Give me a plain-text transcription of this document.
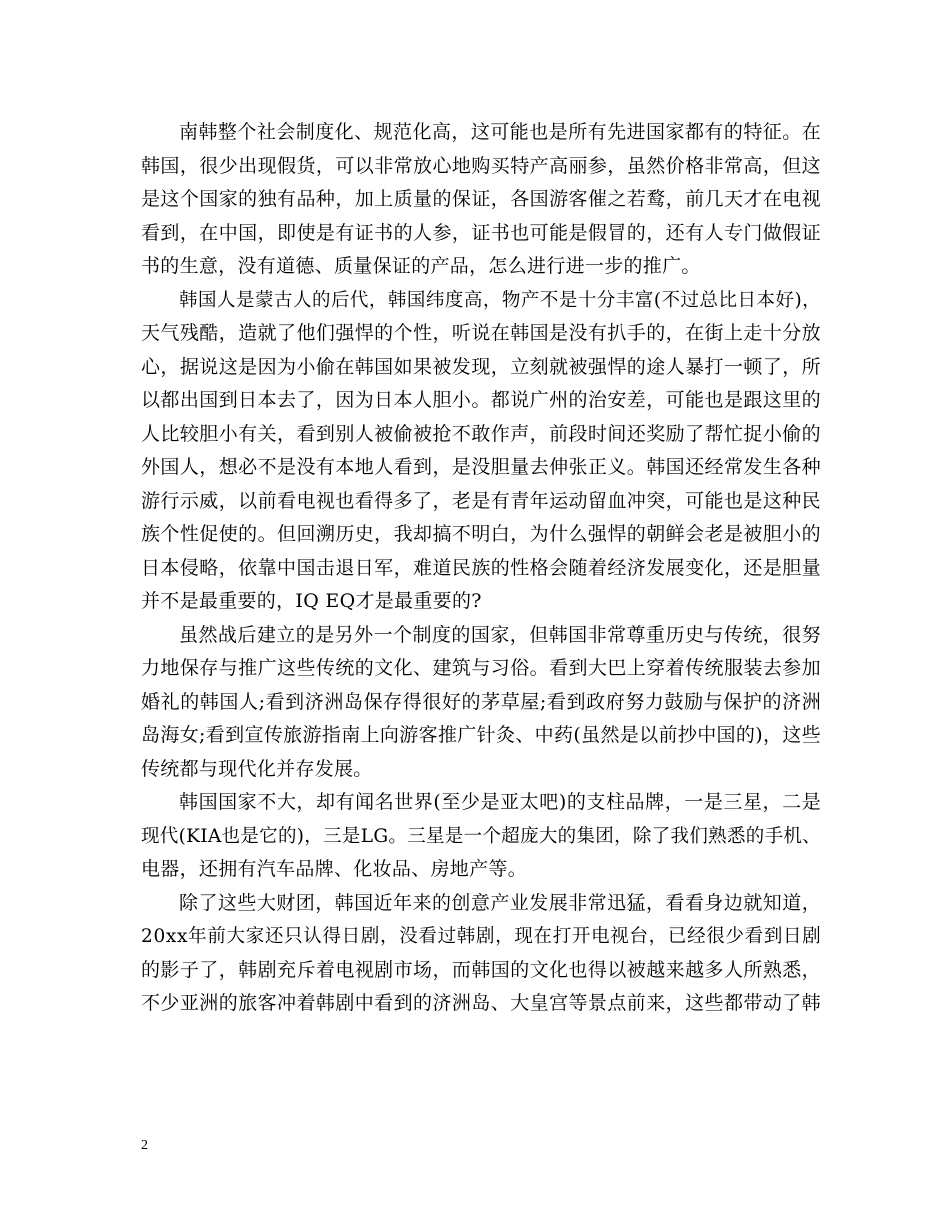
南韩整个社会制度化、规范化高，这可能也是所有先进国家都有的特征。在
韩国，很少出现假货，可以非常放心地购买特产高丽参，虽然价格非常高，但这
是这个国家的独有品种，加上质量的保证，各国游客催之若鹜，前几天才在电视
看到，在中国，即使是有证书的人参，证书也可能是假冒的，还有人专门做假证
书的生意，没有道德、质量保证的产品，怎么进行进一步的推广。
韩国人是蒙古人的后代，韩国纬度高，物产不是十分丰富(不过总比日本好)，
天气残酷，造就了他们强悍的个性，听说在韩国是没有扒手的，在街上走十分放
心，据说这是因为小偷在韩国如果被发现，立刻就被强悍的途人暴打一顿了，所
以都出国到日本去了，因为日本人胆小。都说广州的治安差，可能也是跟这里的
人比较胆小有关，看到别人被偷被抢不敢作声，前段时间还奖励了帮忙捉小偷的
外国人，想必不是没有本地人看到，是没胆量去伸张正义。韩国还经常发生各种
游行示威，以前看电视也看得多了，老是有青年运动留血冲突，可能也是这种民
族个性促使的。但回溯历史，我却搞不明白，为什么强悍的朝鲜会老是被胆小的
日本侵略，依靠中国击退日军，难道民族的性格会随着经济发展变化，还是胆量
并不是最重要的，IQ EQ才是最重要的?
虽然战后建立的是另外一个制度的国家，但韩国非常尊重历史与传统，很努
力地保存与推广这些传统的文化、建筑与习俗。看到大巴上穿着传统服装去参加
婚礼的韩国人;看到济洲岛保存得很好的茅草屋;看到政府努力鼓励与保护的济洲
岛海女;看到宣传旅游指南上向游客推广针灸、中药(虽然是以前抄中国的)，这些
传统都与现代化并存发展。
韩国国家不大，却有闻名世界(至少是亚太吧)的支柱品牌，一是三星，二是
现代(KIA也是它的)，三是LG。三星是一个超庞大的集团，除了我们熟悉的手机、
电器，还拥有汽车品牌、化妆品、房地产等。
除了这些大财团，韩国近年来的创意产业发展非常迅猛，看看身边就知道，
20xx年前大家还只认得日剧，没看过韩剧，现在打开电视台，已经很少看到日剧
的影子了，韩剧充斥着电视剧市场，而韩国的文化也得以被越来越多人所熟悉，
不少亚洲的旅客冲着韩剧中看到的济洲岛、大皇宫等景点前来，这些都带动了韩
2
